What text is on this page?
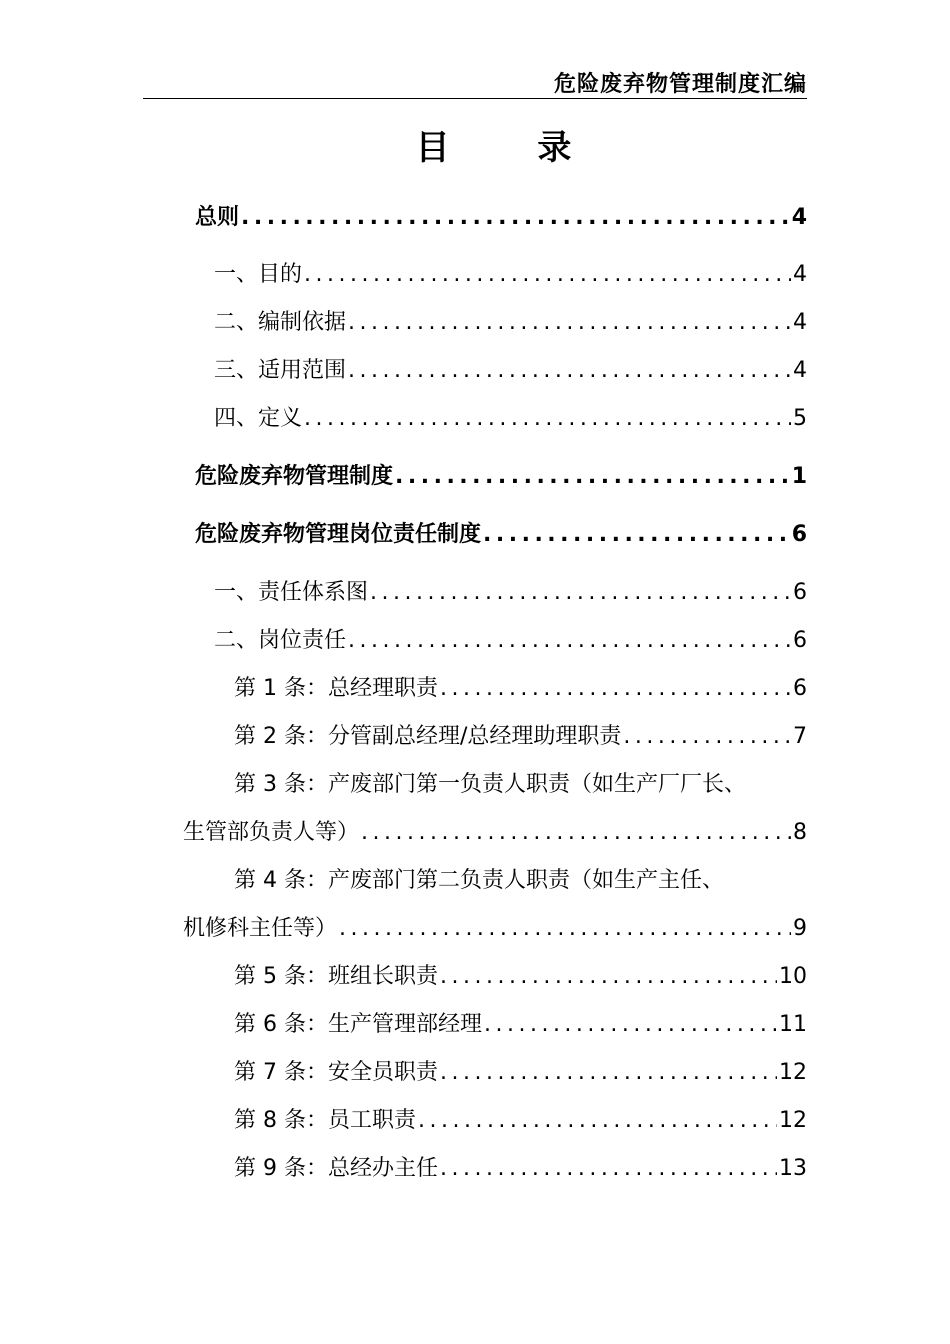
危险废弃物管理制度汇编
目 录
总则 .....	4
一、目的 .....	4
二、编制依据 .....	4
三、适用范围 .....	4
四、定义 .....	5
危险废弃物管理制度 .....	1
危险废弃物管理岗位责任制度 .....	6
一、责任体系图 .....	6
二、岗位责任 .....	6
第 1 条：总经理职责 .....	6
第 2 条：分管副总经理/总经理助理职责 .....	7
第 3 条：产废部门第一负责人职责（如生产厂厂长、
生管部负责人等） .....	8
第 4 条：产废部门第二负责人职责（如生产主任、
机修科主任等） .....	9
第 5 条：班组长职责 .....	10
第 6 条：生产管理部经理 .....	11
第 7 条：安全员职责 .....	12
第 8 条：员工职责 .....	12
第 9 条：总经办主任 .....	13
